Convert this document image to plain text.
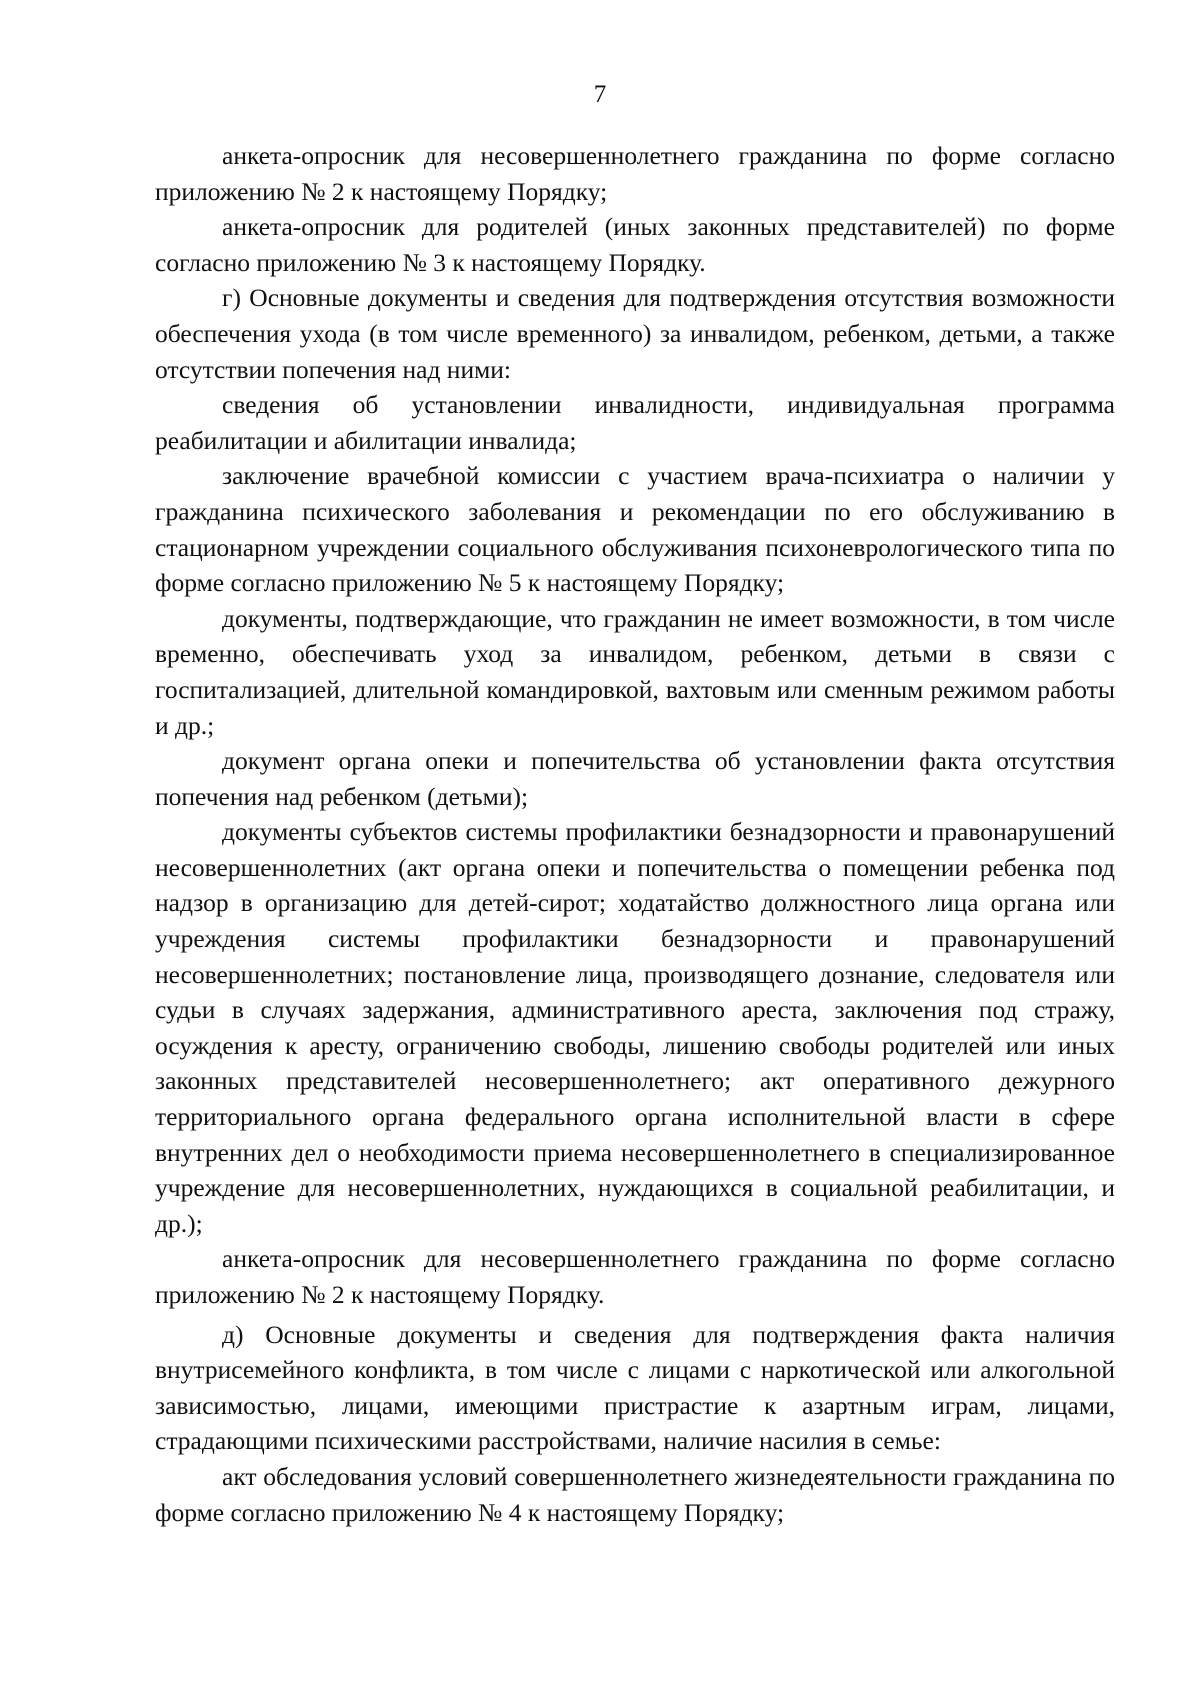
7

анкета-опросник для несовершеннолетнего гражданина по форме согласно приложению № 2 к настоящему Порядку;

анкета-опросник для родителей (иных законных представителей) по форме согласно приложению № 3 к настоящему Порядку.

г) Основные документы и сведения для подтверждения отсутствия возможности обеспечения ухода (в том числе временного) за инвалидом, ребенком, детьми, а также отсутствии попечения над ними:

сведения об установлении инвалидности, индивидуальная программа реабилитации и абилитации инвалида;

заключение врачебной комиссии с участием врача-психиатра о наличии у гражданина психического заболевания и рекомендации по его обслуживанию в стационарном учреждении социального обслуживания психоневрологического типа по форме согласно приложению № 5 к настоящему Порядку;

документы, подтверждающие, что гражданин не имеет возможности, в том числе временно, обеспечивать уход за инвалидом, ребенком, детьми в связи с госпитализацией, длительной командировкой, вахтовым или сменным режимом работы и др.;

документ органа опеки и попечительства об установлении факта отсутствия попечения над ребенком (детьми);

документы субъектов системы профилактики безнадзорности и правонарушений несовершеннолетних (акт органа опеки и попечительства о помещении ребенка под надзор в организацию для детей-сирот; ходатайство должностного лица органа или учреждения системы профилактики безнадзорности и правонарушений несовершеннолетних; постановление лица, производящего дознание, следователя или судьи в случаях задержания, административного ареста, заключения под стражу, осуждения к аресту, ограничению свободы, лишению свободы родителей или иных законных представителей несовершеннолетнего; акт оперативного дежурного территориального органа федерального органа исполнительной власти в сфере внутренних дел о необходимости приема несовершеннолетнего в специализированное учреждение для несовершеннолетних, нуждающихся в социальной реабилитации, и др.);

анкета-опросник для несовершеннолетнего гражданина по форме согласно приложению № 2 к настоящему Порядку.

д) Основные документы и сведения для подтверждения факта наличия внутрисемейного конфликта, в том числе с лицами с наркотической или алкогольной зависимостью, лицами, имеющими пристрастие к азартным играм, лицами, страдающими психическими расстройствами, наличие насилия в семье:

акт обследования условий совершеннолетнего жизнедеятельности гражданина по форме согласно приложению № 4 к настоящему Порядку;
